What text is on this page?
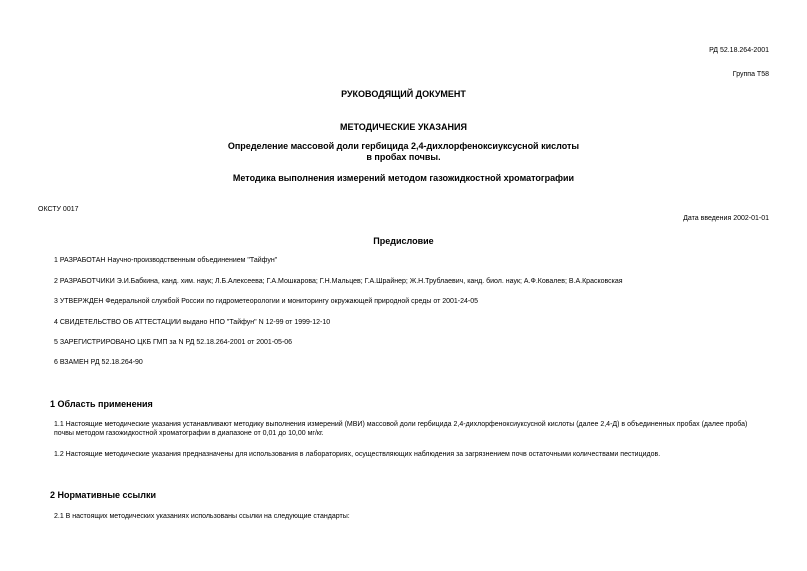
РД 52.18.264-2001
Группа Т58
РУКОВОДЯЩИЙ ДОКУМЕНТ
МЕТОДИЧЕСКИЕ УКАЗАНИЯ
Определение массовой доли гербицида 2,4-дихлорфеноксиуксусной кислоты
в пробах почвы.
Методика выполнения измерений методом газожидкостной хроматографии
ОКСТУ 0017
Дата введения 2002-01-01
Предисловие
1 РАЗРАБОТАН Научно-производственным объединением "Тайфун"
2 РАЗРАБОТЧИКИ Э.И.Бабкина, канд. хим. наук; Л.Б.Алексеева; Г.А.Мошкарова; Г.Н.Мальцев; Г.А.Шрайнер; Ж.Н.Трублаевич, канд. биол. наук; А.Ф.Ковалев; В.А.Красковская
3 УТВЕРЖДЕН Федеральной службой России по гидрометеорологии и мониторингу окружающей природной среды от 2001-24-05
4 СВИДЕТЕЛЬСТВО ОБ АТТЕСТАЦИИ выдано НПО "Тайфун" N 12-99 от 1999-12-10
5 ЗАРЕГИСТРИРОВАНО ЦКБ ГМП за N РД 52.18.264-2001 от 2001-05-06
6 ВЗАМЕН РД 52.18.264-90
1 Область применения
1.1 Настоящие методические указания устанавливают методику выполнения измерений (МВИ) массовой доли гербицида 2,4-дихлорфеноксиуксусной кислоты (далее 2,4-Д) в объединенных пробах (далее проба) почвы методом газожидкостной хроматографии в диапазоне от 0,01 до 10,00 мг/кг.
1.2 Настоящие методические указания предназначены для использования в лабораториях, осуществляющих наблюдения за загрязнением почв остаточными количествами пестицидов.
2 Нормативные ссылки
2.1 В настоящих методических указаниях использованы ссылки на следующие стандарты:
